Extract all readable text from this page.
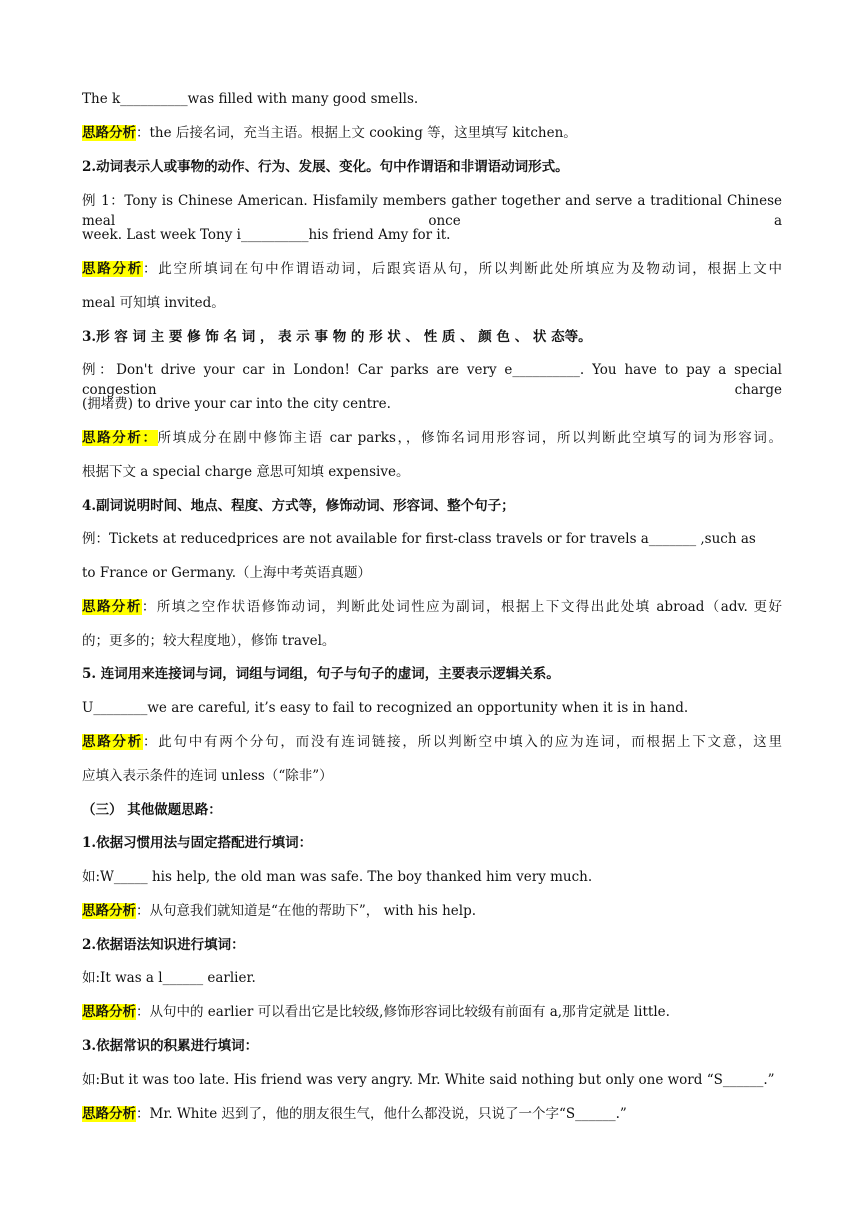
The k__________was filled with many good smells.
思路分析：the 后接名词，充当主语。根据上文 cooking 等，这里填写 kitchen。
2.动词表示人或事物的动作、行为、发展、变化。句中作谓语和非谓语动词形式。
例 1：Tony is Chinese American. Hisfamily members gather together and serve a traditional Chinese meal once a
week. Last week Tony i__________his friend Amy for it.
思路分析：此空所填词在句中作谓语动词，后跟宾语从句，所以判断此处所填应为及物动词，根据上文中
meal 可知填 invited。
3.形 容 词 主 要 修 饰 名 词 ， 表 示 事 物 的 形 状 、 性 质 、 颜 色 、 状 态等。
例：Don't drive your car in London! Car parks are very e__________. You have to pay a special congestion charge
(拥堵费) to drive your car into the city centre.
思路分析：所填成分在剧中修饰主语 car parks，，修饰名词用形容词，所以判断此空填写的词为形容词。
根据下文 a special charge 意思可知填 expensive。
4.副词说明时间、地点、程度、方式等，修饰动词、形容词、整个句子；
例：Tickets at reducedprices are not available for first-class travels or for travels a_______ ,such as
to France or Germany.（上海中考英语真题）
思路分析：所填之空作状语修饰动词，判断此处词性应为副词，根据上下文得出此处填 abroad（adv. 更好
的；更多的；较大程度地），修饰 travel。
5. 连词用来连接词与词，词组与词组，句子与句子的虚词，主要表示逻辑关系。
U________we are careful, it’s easy to fail to recognized an opportunity when it is in hand.
思路分析：此句中有两个分句，而没有连词链接，所以判断空中填入的应为连词，而根据上下文意，这里
应填入表示条件的连词 unless（“除非”）
（三） 其他做题思路：
1.依据习惯用法与固定搭配进行填词：
如:W_____ his help, the old man was safe. The boy thanked him very much.
思路分析：从句意我们就知道是“在他的帮助下”， with his help.
2.依据语法知识进行填词：
如:It was a l______ earlier.
思路分析：从句中的 earlier 可以看出它是比较级,修饰形容词比较级有前面有 a,那肯定就是 little.
3.依据常识的积累进行填词：
如:But it was too late. His friend was very angry. Mr. White said nothing but only one word “S______.”
思路分析：Mr. White 迟到了，他的朋友很生气，他什么都没说，只说了一个字“S______.”
